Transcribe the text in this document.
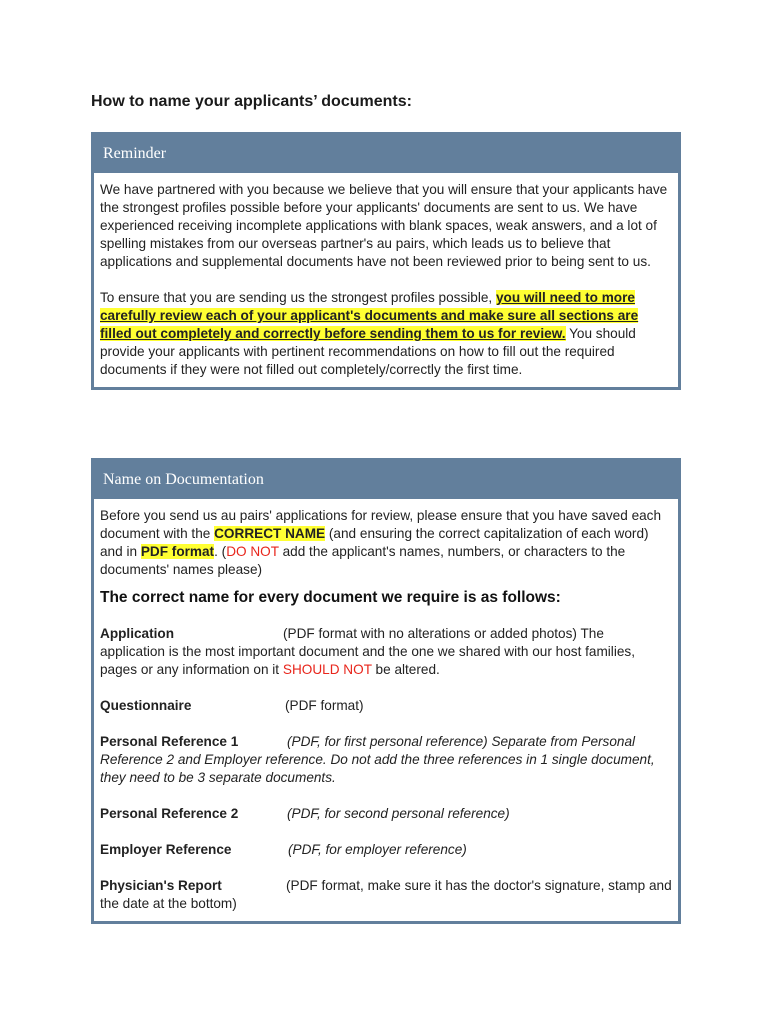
How to name your applicants’ documents:
Reminder

We have partnered with you because we believe that you will ensure that your applicants have the strongest profiles possible before your applicants' documents are sent to us. We have experienced receiving incomplete applications with blank spaces, weak answers, and a lot of spelling mistakes from our overseas partner's au pairs, which leads us to believe that applications and supplemental documents have not been reviewed prior to being sent to us.

To ensure that you are sending us the strongest profiles possible, you will need to more carefully review each of your applicant's documents and make sure all sections are filled out completely and correctly before sending them to us for review. You should provide your applicants with pertinent recommendations on how to fill out the required documents if they were not filled out completely/correctly the first time.

Name on Documentation

Before you send us au pairs' applications for review, please ensure that you have saved each document with the CORRECT NAME (and ensuring the correct capitalization of each word) and in PDF format. (DO NOT add the applicant's names, numbers, or characters to the documents' names please)

The correct name for every document we require is as follows:

Application	(PDF format with no alterations or added photos) The application is the most important document and the one we shared with our host families, pages or any information on it SHOULD NOT be altered.

Questionnaire	(PDF format)

Personal Reference 1	(PDF, for first personal reference) Separate from Personal Reference 2 and Employer reference. Do not add the three references in 1 single document, they need to be 3 separate documents.

Personal Reference 2	(PDF, for second personal reference)

Employer Reference	(PDF, for employer reference)

Physician's Report	(PDF format, make sure it has the doctor's signature, stamp and the date at the bottom)
